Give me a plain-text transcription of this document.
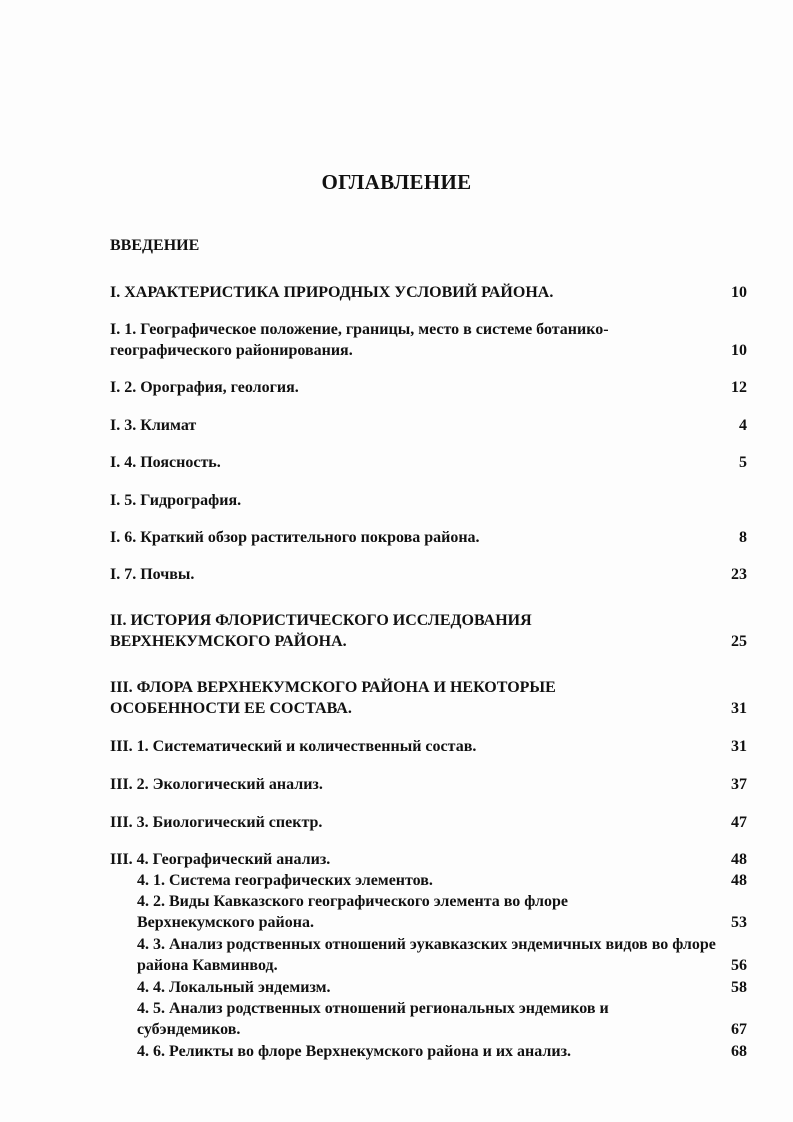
ОГЛАВЛЕНИЕ
ВВЕДЕНИЕ
I. ХАРАКТЕРИСТИКА ПРИРОДНЫХ УСЛОВИЙ РАЙОНА.	10
I. 1. Географическое положение, границы, место в системе ботанико-географического районирования.	10
I. 2. Орография, геология.	12
I. 3. Климат	4
I. 4. Поясность.	5
I. 5. Гидрография.
I. 6. Краткий обзор растительного покрова района.	8
I. 7. Почвы.	23
II. ИСТОРИЯ ФЛОРИСТИЧЕСКОГО ИССЛЕДОВАНИЯ ВЕРХНЕКУМСКОГО РАЙОНА.	25
III. ФЛОРА ВЕРХНЕКУМСКОГО РАЙОНА И НЕКОТОРЫЕ ОСОБЕННОСТИ ЕЕ СОСТАВА.	31
III. 1. Систематический и количественный состав.	31
III. 2. Экологический анализ.	37
III. 3. Биологический спектр.	47
III. 4. Географический анализ.	48
4. 1. Система географических элементов.	48
4. 2. Виды Кавказского географического элемента во флоре Верхнекумского района.	53
4. 3. Анализ родственных отношений эукавказских эндемичных видов во флоре района Кавминвод.	56
4. 4. Локальный эндемизм.	58
4. 5. Анализ родственных отношений региональных эндемиков и субэндемиков.	67
4. 6. Реликты во флоре Верхнекумского района и их анализ.	68
